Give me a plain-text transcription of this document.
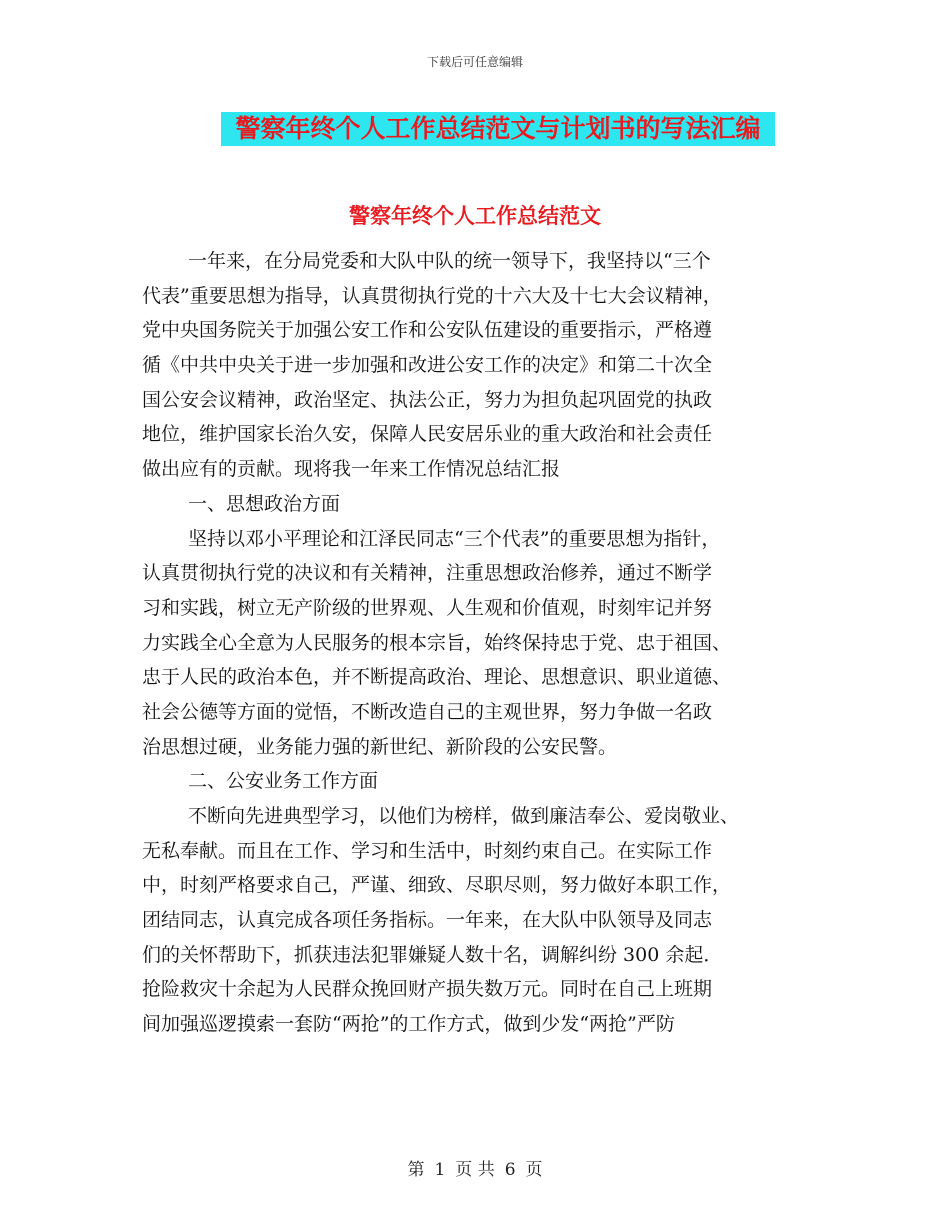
下载后可任意编辑
警察年终个人工作总结范文与计划书的写法汇编
警察年终个人工作总结范文
一年来，在分局党委和大队中队的统一领导下，我坚持以“三个
代表”重要思想为指导，认真贯彻执行党的十六大及十七大会议精神，
党中央国务院关于加强公安工作和公安队伍建设的重要指示，严格遵
循《中共中央关于进一步加强和改进公安工作的决定》和第二十次全
国公安会议精神，政治坚定、执法公正，努力为担负起巩固党的执政
地位，维护国家长治久安，保障人民安居乐业的重大政治和社会责任
做出应有的贡献。现将我一年来工作情况总结汇报
一、思想政治方面
坚持以邓小平理论和江泽民同志“三个代表”的重要思想为指针，
认真贯彻执行党的决议和有关精神，注重思想政治修养，通过不断学
习和实践，树立无产阶级的世界观、人生观和价值观，时刻牢记并努
力实践全心全意为人民服务的根本宗旨，始终保持忠于党、忠于祖国、
忠于人民的政治本色，并不断提高政治、理论、思想意识、职业道德、
社会公德等方面的觉悟，不断改造自己的主观世界，努力争做一名政
治思想过硬，业务能力强的新世纪、新阶段的公安民警。
二、公安业务工作方面
不断向先进典型学习，以他们为榜样，做到廉洁奉公、爱岗敬业、
无私奉献。而且在工作、学习和生活中，时刻约束自己。在实际工作
中，时刻严格要求自己，严谨、细致、尽职尽则，努力做好本职工作，
团结同志，认真完成各项任务指标。一年来，在大队中队领导及同志
们的关怀帮助下，抓获违法犯罪嫌疑人数十名，调解纠纷 300 余起．
抢险救灾十余起为人民群众挽回财产损失数万元。同时在自己上班期
间加强巡逻摸索一套防“两抢”的工作方式，做到少发“两抢”严防
第 1 页 共 6 页
